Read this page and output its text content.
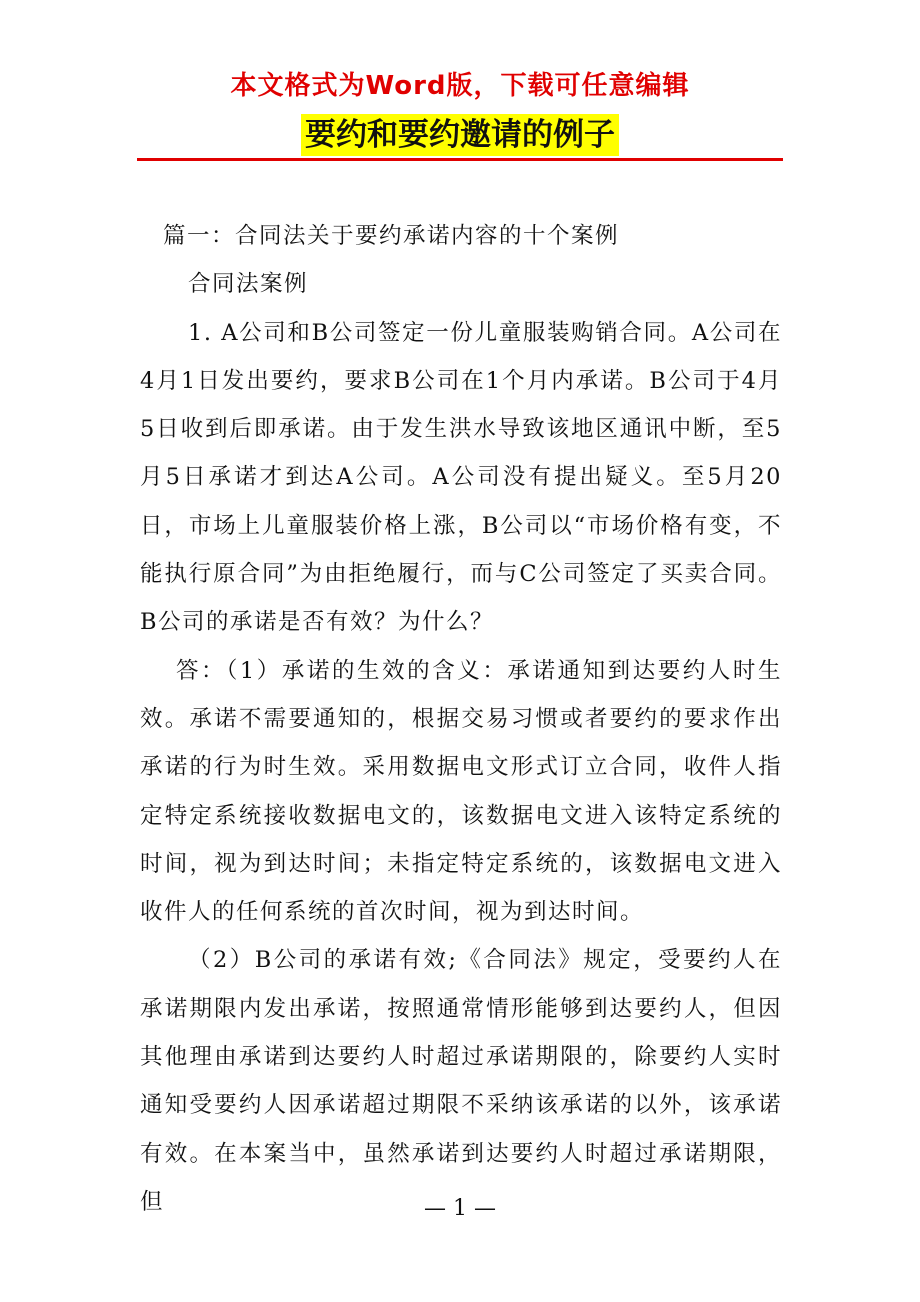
本文格式为Word版，下载可任意编辑
要约和要约邀请的例子

篇一：合同法关于要约承诺内容的十个案例

合同法案例

1. A公司和B公司签定一份儿童服装购销合同。A公司在4月1日发出要约，要求B公司在1个月内承诺。B公司于4月5日收到后即承诺。由于发生洪水导致该地区通讯中断，至5月5日承诺才到达A公司。A公司没有提出疑义。至5月20日，市场上儿童服装价格上涨，B公司以“市场价格有变，不能执行原合同”为由拒绝履行，而与C公司签定了买卖合同。B公司的承诺是否有效？为什么？

答：（1）承诺的生效的含义：承诺通知到达要约人时生效。承诺不需要通知的，根据交易习惯或者要约的要求作出承诺的行为时生效。采用数据电文形式订立合同，收件人指定特定系统接收数据电文的，该数据电文进入该特定系统的时间，视为到达时间；未指定特定系统的，该数据电文进入收件人的任何系统的首次时间，视为到达时间。

（2）B公司的承诺有效;《合同法》规定，受要约人在承诺期限内发出承诺，按照通常情形能够到达要约人，但因其他理由承诺到达要约人时超过承诺期限的，除要约人实时通知受要约人因承诺超过期限不采纳该承诺的以外，该承诺有效。在本案当中，虽然承诺到达要约人时超过承诺期限，但	— 1 —
